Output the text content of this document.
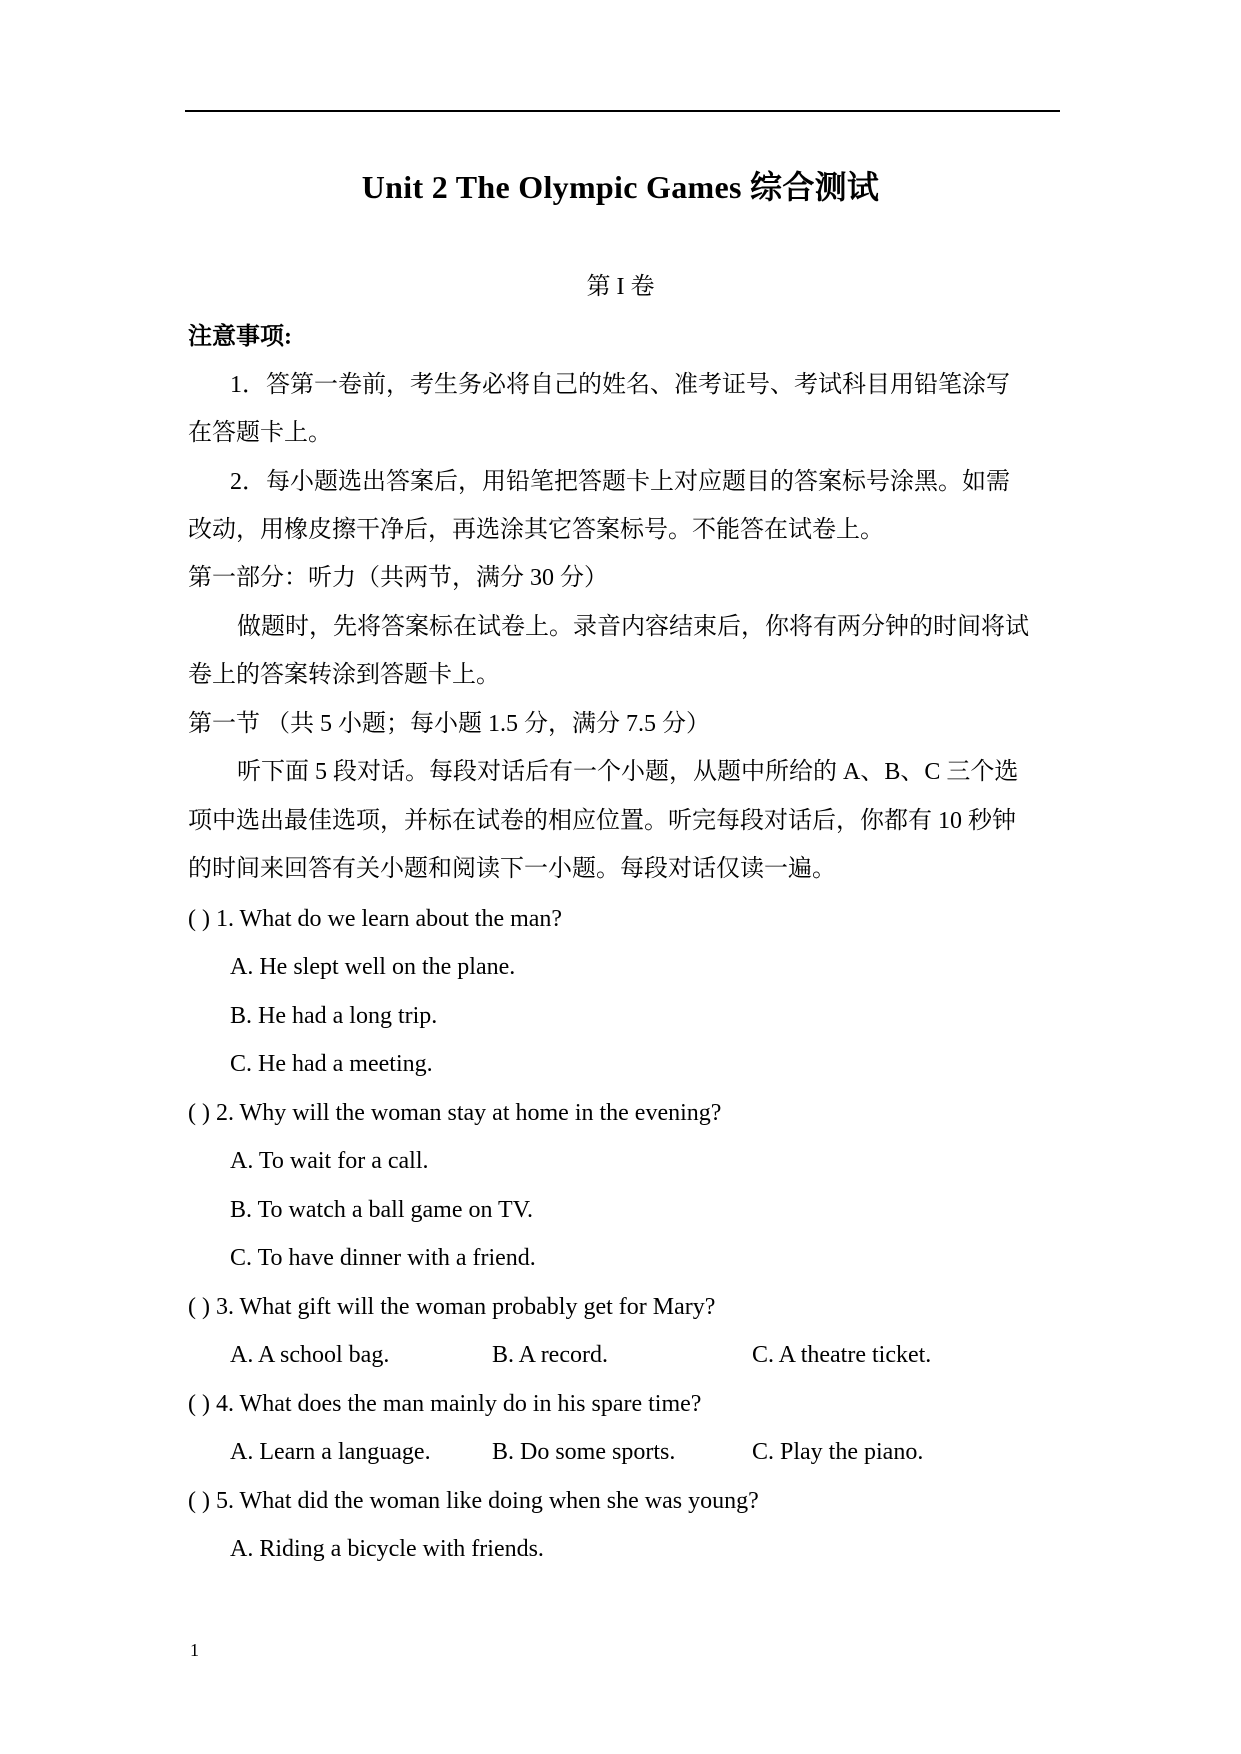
Unit 2 The Olympic Games 综合测试
第 I 卷
注意事项:
1．答第一卷前，考生务必将自己的姓名、准考证号、考试科目用铅笔涂写
在答题卡上。
2．每小题选出答案后，用铅笔把答题卡上对应题目的答案标号涂黑。如需
改动，用橡皮擦干净后，再选涂其它答案标号。不能答在试卷上。
第一部分：听力（共两节，满分 30 分）
做题时，先将答案标在试卷上。录音内容结束后，你将有两分钟的时间将试
卷上的答案转涂到答题卡上。
第一节 （共 5 小题；每小题 1.5 分，满分 7.5 分）
听下面 5 段对话。每段对话后有一个小题，从题中所给的 A、B、C 三个选
项中选出最佳选项，并标在试卷的相应位置。听完每段对话后，你都有 10 秒钟
的时间来回答有关小题和阅读下一小题。每段对话仅读一遍。
( ) 1. What do we learn about the man?
A. He slept well on the plane.
B. He had a long trip.
C. He had a meeting.
( ) 2. Why will the woman stay at home in the evening?
A. To wait for a call.
B. To watch a ball game on TV.
C. To have dinner with a friend.
( ) 3. What gift will the woman probably get for Mary?
A. A school bag.	B. A record.	C. A theatre ticket.
( ) 4. What does the man mainly do in his spare time?
A. Learn a language.	B. Do some sports.	C. Play the piano.
( ) 5. What did the woman like doing when she was young?
A. Riding a bicycle with friends.
1
